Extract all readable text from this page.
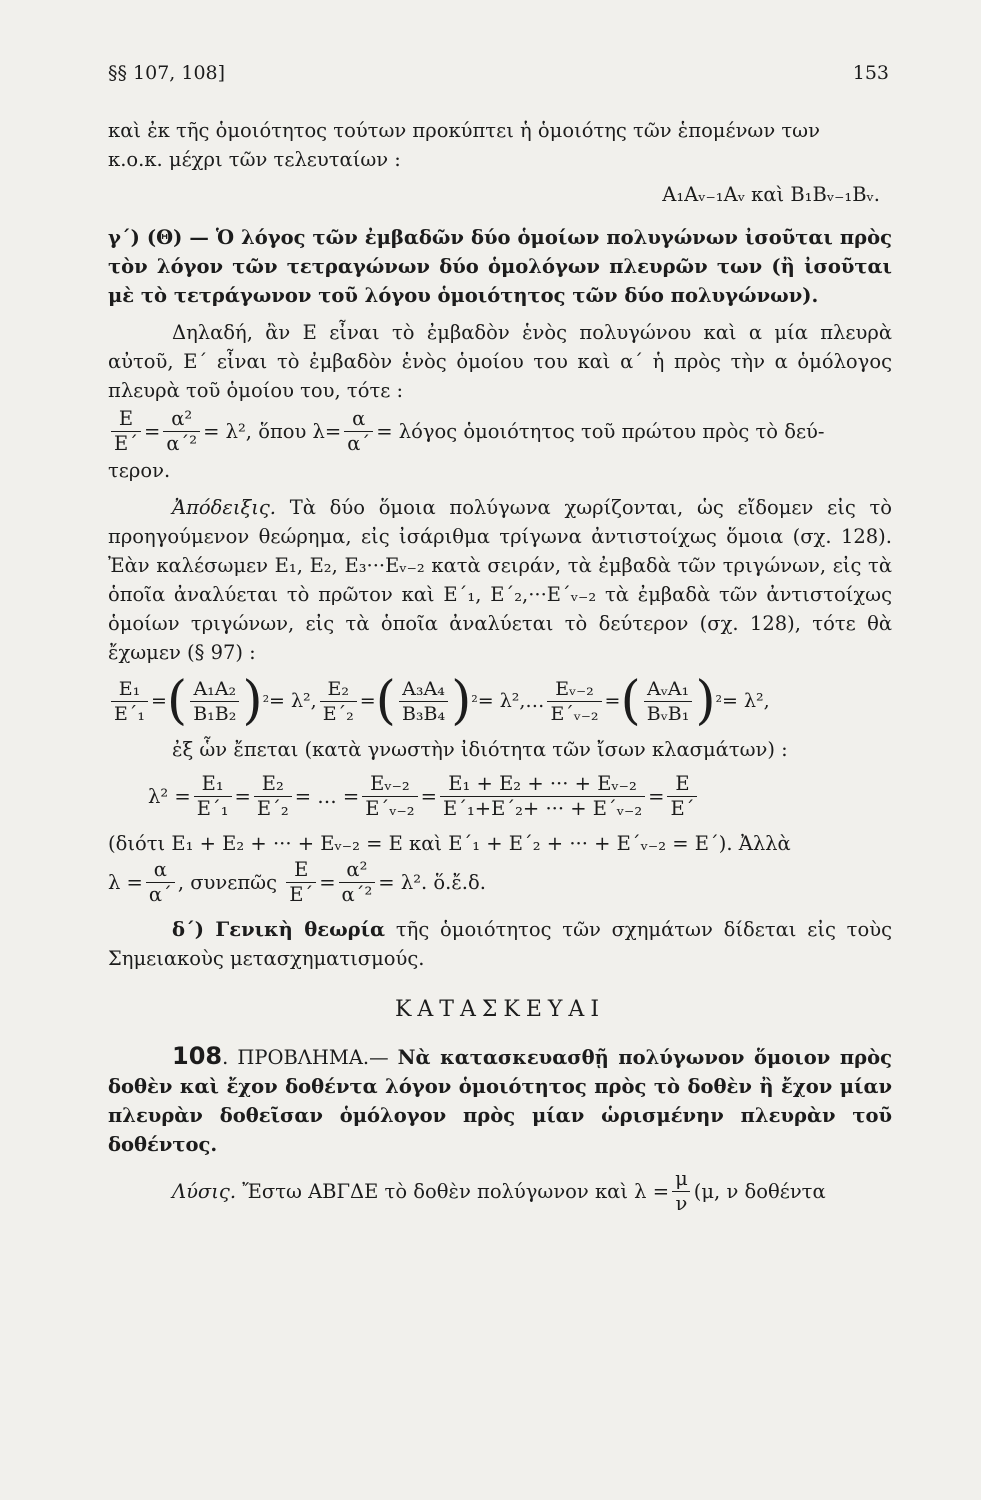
§§ 107, 108]	153

καὶ ἐκ τῆς ὁμοιότητος τούτων προκύπτει ἡ ὁμοιότης τῶν ἑπομένων των

κ.ο.κ. μέχρι τῶν τελευταίων :

A₁Aᵥ₋₁Aᵥ καὶ B₁Bᵥ₋₁Bᵥ.

γ΄) (Θ) — Ὁ λόγος τῶν ἐμβαδῶν δύο ὁμοίων πολυγώνων ἰσοῦται πρὸς τὸν λόγον τῶν τετραγώνων δύο ὁμολόγων πλευρῶν των (ἢ ἰσοῦται μὲ τὸ τετράγωνον τοῦ λόγου ὁμοιότητος τῶν δύο πολυγώνων).

Δηλαδή, ἂν E εἶναι τὸ ἐμβαδὸν ἑνὸς πολυγώνου καὶ α μία πλευρὰ αὐτοῦ, E΄ εἶναι τὸ ἐμβαδὸν ἑνὸς ὁμοίου του καὶ α΄ ἡ πρὸς τὴν α ὁμόλογος πλευρὰ τοῦ ὁμοίου του, τότε :

$\frac{E}{E΄} = \frac{\text{α²}}{\text{α΄²}} = \lambda^2$, ὅπου $\lambda= \frac{\alpha}{\alpha΄} = \lambda ό\gamma o\varsigma$ ὁμοιότητος τοῦ πρώτου πρὸς τὸ δεύ-

τερον.

Ἀπόδειξις. Τὰ δύο ὅμοια πολύγωνα χωρίζονται, ὡς εἴδομεν εἰς τὸ προηγούμενον θεώρημα, εἰς ἰσάριθμα τρίγωνα ἀντιστοίχως ὅμοια (σχ. 128). Ἐὰν καλέσωμεν E₁, E₂, E₃···Eᵥ₋₂ κατὰ σειράν, τὰ ἐμβαδὰ τῶν τριγώνων, εἰς τὰ ὁποῖα ἀναλύεται τὸ πρῶτον καὶ E΄₁, E΄₂,···E΄ᵥ₋₂ τὰ ἐμβαδὰ τῶν ἀντιστοίχως ὁμοίων τριγώνων, εἰς τὰ ὁποῖα ἀναλύεται τὸ δεύτερον (σχ. 128), τότε θὰ ἔχωμεν (§ 97) :

$\frac{\text{E₁}}{\text{E΄₁}}$ = ( $\frac{\text{A₁A₂}}{\text{B₁B₂}}$ ) ² = λ², $\frac{\text{E₂}}{\text{E΄₂}}$ = ( $\frac{\text{A₃A₄}}{\text{B₃B₄}}$ ) ² = λ²,… $\frac{\text{Eᵥ₋₂}}{\text{E΄ᵥ₋₂}}$ = ( $\frac{\text{AᵥA₁}}{\text{BᵥB₁}}$ ) ² = λ²,

ἐξ ὧν ἔπεται (κατὰ γνωστὴν ἰδιότητα τῶν ἴσων κλασμάτων) :

$\lambda^2 = \frac{\text{E₁}}{\text{E΄₁}} = \frac{\text{E₂}}{\text{E΄₂}}$ = … = $\frac{\text{Eᵥ₋₂}}{\text{E΄ᵥ₋₂}} = \frac{\text{E₁ + E₂ + ··· + Eᵥ₋₂}}{\text{E΄₁+E΄₂+ ··· + E΄ᵥ₋₂}} = \frac{E}{E΄}$

(διότι E₁ + E₂ + ··· + Eᵥ₋₂ = E καὶ E΄₁ + E΄₂ + ··· + E΄ᵥ₋₂ = E΄). Ἀλλὰ

$\lambda = \frac{\alpha}{\alpha΄}$ , συνεπῶς
$\frac{E}{E΄} = \frac{\text{α²}}{\text{α΄²}} = \lambda^2$. ὅ.ἔ.δ.

δ΄) Γενικὴ θεωρία τῆς ὁμοιότητος τῶν σχημάτων δίδεται εἰς τοὺς Σημειακοὺς μετασχηματισμούς.

ΚΑΤΑΣΚΕΥΑΙ

108. ΠΡΟΒΛΗΜΑ.— Νὰ κατασκευασθῇ πολύγωνον ὅμοιον πρὸς δοθὲν καὶ ἔχον δοθέντα λόγον ὁμοιότητος πρὸς τὸ δοθὲν ἢ ἔχον μίαν πλευρὰν δοθεῖσαν ὁμόλογον πρὸς μίαν ὡρισμένην πλευρὰν τοῦ δοθέντος.

Λύσις.
Ἔστω ΑΒΓΔΕ τὸ δοθὲν πολύγωνον καὶ $\lambda = \frac{\mu}{\nu} (\mu$, ν δοθέντα
